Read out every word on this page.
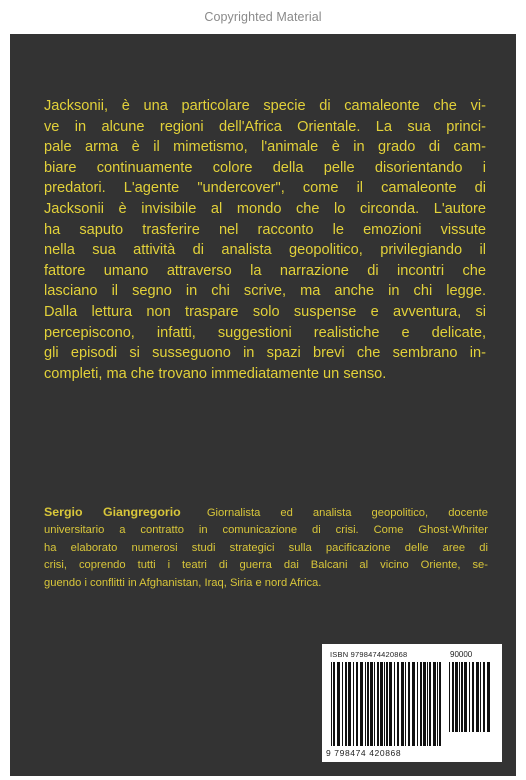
Copyrighted Material
Jacksonii, è una particolare specie di camaleonte che vi-
ve in alcune regioni dell'Africa Orientale. La sua princi-
pale arma è il mimetismo, l'animale è in grado di cam-
biare continuamente colore della pelle disorientando i
predatori. L'agente "undercover", come il camaleonte di
Jacksonii è invisibile al mondo che lo circonda. L'autore
ha saputo trasferire nel racconto le emozioni vissute
nella sua attività di analista geopolitico, privilegiando il
fattore umano attraverso la narrazione di incontri che
lasciano il segno in chi scrive, ma anche in chi legge.
Dalla lettura non traspare solo suspense e avventura, si
percepiscono, infatti, suggestioni realistiche e delicate,
gli episodi si susseguono in spazi brevi che sembrano in-
completi, ma che trovano immediatamente un senso.
Sergio Giangregorio Giornalista ed analista geopolitico, docente
universitario a contratto in comunicazione di crisi. Come Ghost-Whriter
ha elaborato numerosi studi strategici sulla pacificazione delle aree di
crisi, coprendo tutti i teatri di guerra dai Balcani al vicino Oriente, se-
guendo i conflitti in Afghanistan, Iraq, Siria e nord Africa.
ISBN 9798474420868	90000
9 798474 420868
